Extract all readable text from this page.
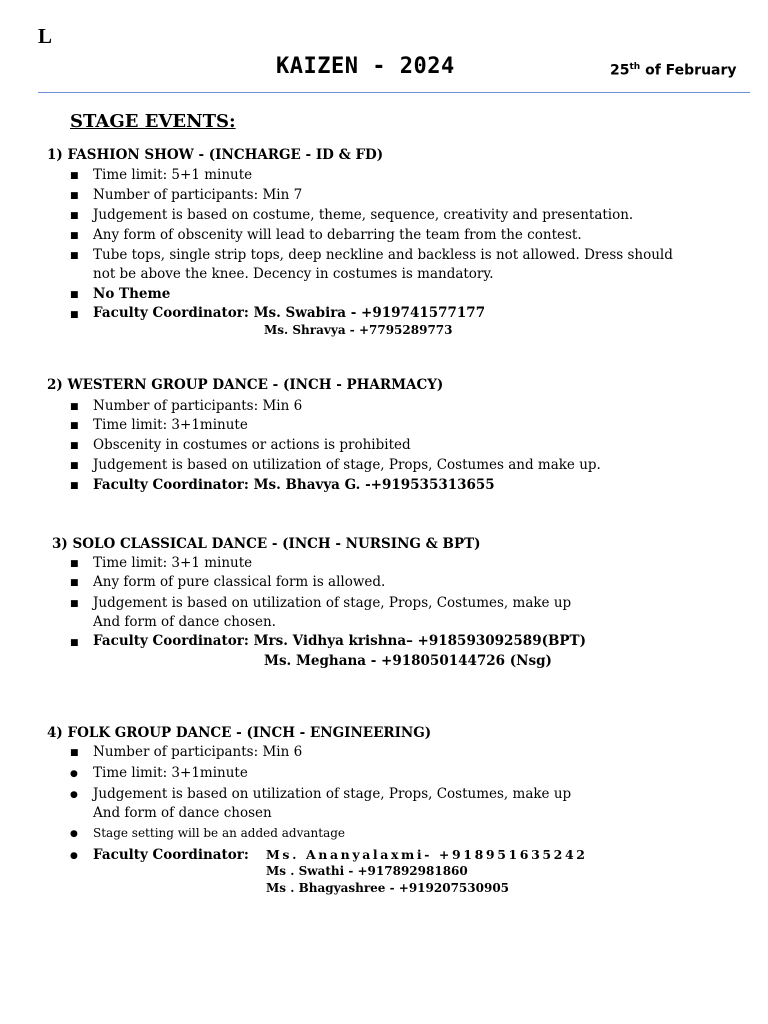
L
KAIZEN - 2024	25th of February
STAGE EVENTS:
1) FASHION SHOW - (INCHARGE - ID & FD)
■
Time limit: 5+1 minute
■
Number of participants: Min 7
■
Judgement is based on costume, theme, sequence, creativity and presentation.
■
Any form of obscenity will lead to debarring the team from the contest.
■
Tube tops, single strip tops, deep neckline and backless is not allowed. Dress should
not be above the knee. Decency in costumes is mandatory.
■
No Theme
■
Faculty Coordinator: Ms. Swabira - +919741577177
Ms. Shravya - +7795289773
2) WESTERN GROUP DANCE - (INCH - PHARMACY)
■
Number of participants: Min 6
■
Time limit: 3+1minute
■
Obscenity in costumes or actions is prohibited
■
Judgement is based on utilization of stage, Props, Costumes and make up.
■
Faculty Coordinator: Ms. Bhavya G. -+919535313655
3) SOLO CLASSICAL DANCE - (INCH - NURSING & BPT)
■
Time limit: 3+1 minute
■
Any form of pure classical form is allowed.
■
Judgement is based on utilization of stage, Props, Costumes, make up
And form of dance chosen.
■
Faculty Coordinator: Mrs. Vidhya krishna– +918593092589(BPT)
Ms. Meghana - +918050144726 (Nsg)
4) FOLK GROUP DANCE - (INCH - ENGINEERING)
■
Number of participants: Min 6
●
Time limit: 3+1minute
●
Judgement is based on utilization of stage, Props, Costumes, make up
And form of dance chosen
●
Stage setting will be an added advantage
●
Faculty Coordinator: Ms. Ananyalaxmi- +918951635242
Ms . Swathi - +917892981860
Ms . Bhagyashree - +919207530905
